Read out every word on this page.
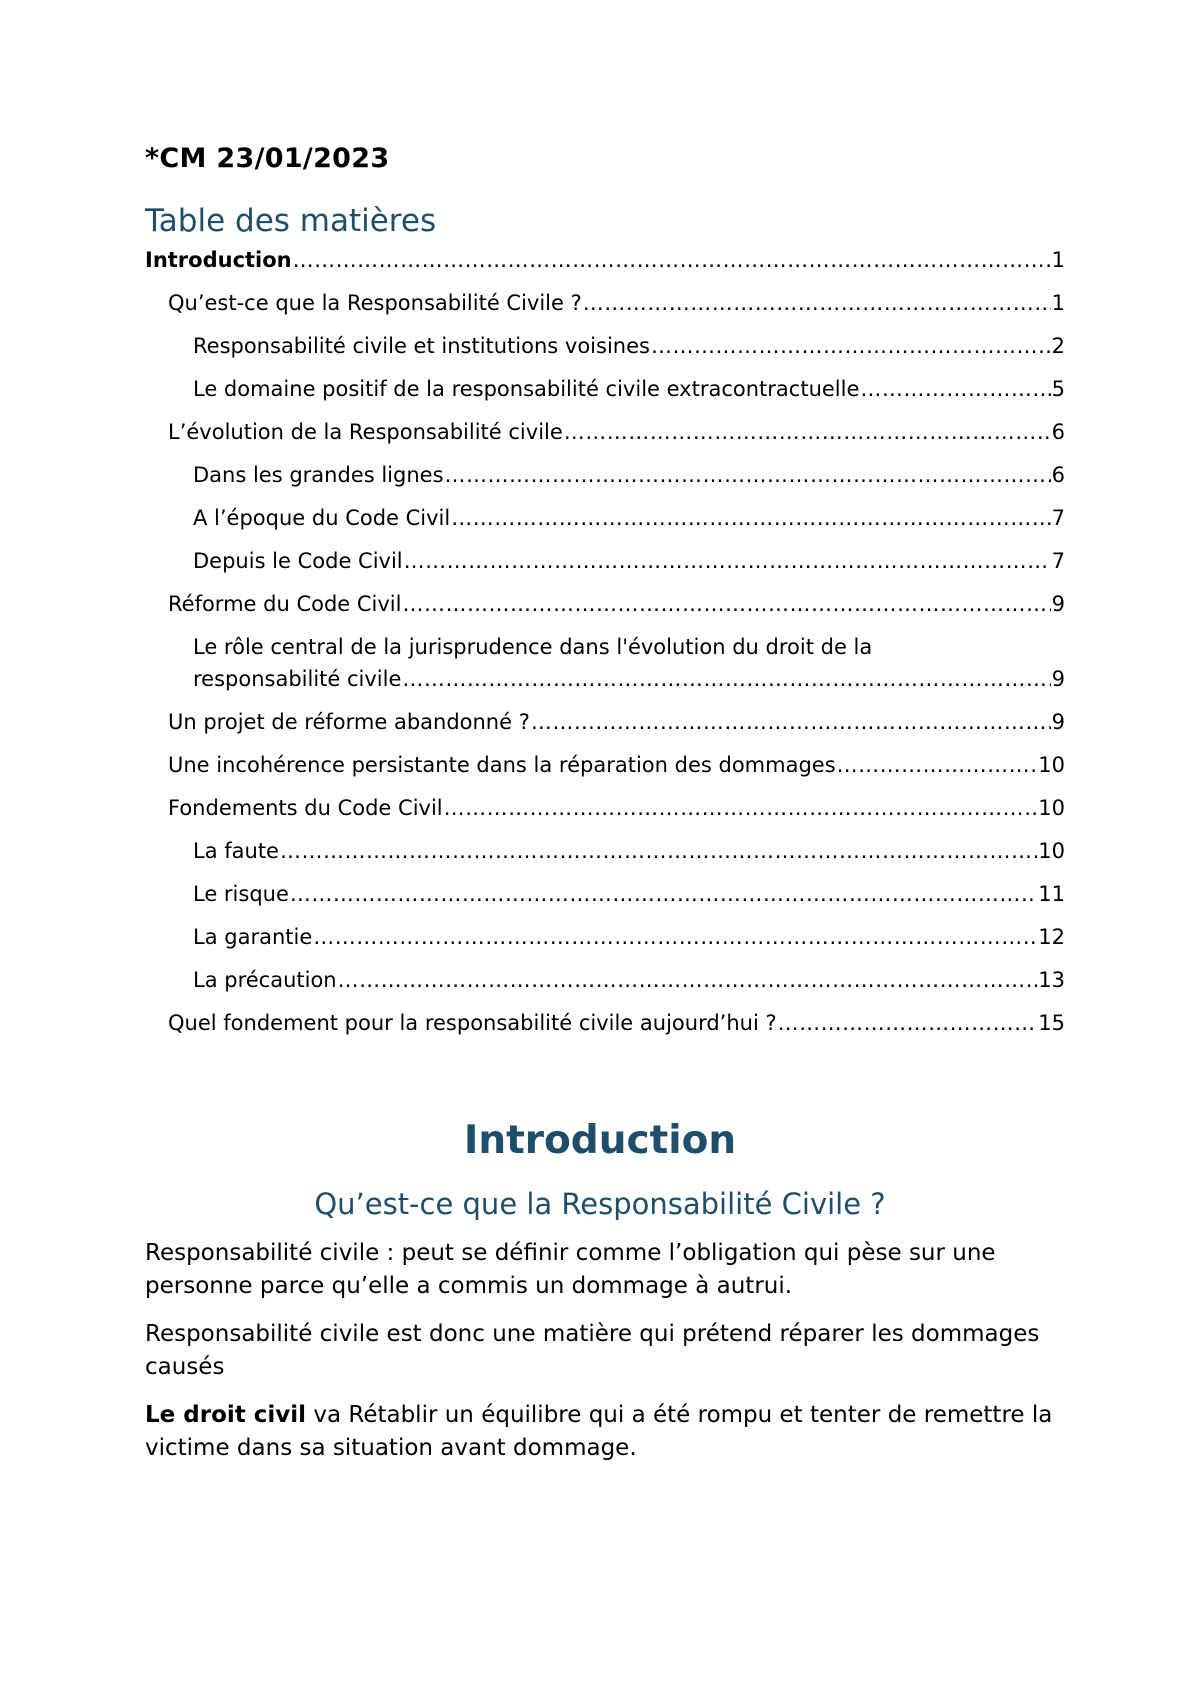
*CM 23/01/2023
Table des matières
Introduction ………………………………………………………………………………………………………………………………………………………………………………	1
Qu’est-ce que la Responsabilité Civile ? ………………………………………………………………………………………………………………………………………………………………………………	1
Responsabilité civile et institutions voisines ………………………………………………………………………………………………………………………………………………………………………………	2
Le domaine positif de la responsabilité civile extracontractuelle ………………………………………………………………………………………………………………………………………………………………………………	5
L’évolution de la Responsabilité civile ………………………………………………………………………………………………………………………………………………………………………………	6
Dans les grandes lignes ………………………………………………………………………………………………………………………………………………………………………………	6
A l’époque du Code Civil ………………………………………………………………………………………………………………………………………………………………………………	7
Depuis le Code Civil ………………………………………………………………………………………………………………………………………………………………………………	7
Réforme du Code Civil ………………………………………………………………………………………………………………………………………………………………………………	9
Le rôle central de la jurisprudence dans l'évolution du droit de la
responsabilité civile ………………………………………………………………………………………………………………………………………………………………………………	9
Un projet de réforme abandonné ? ………………………………………………………………………………………………………………………………………………………………………………	9
Une incohérence persistante dans la réparation des dommages ………………………………………………………………………………………………………………………………………………………………………………	10
Fondements du Code Civil ………………………………………………………………………………………………………………………………………………………………………………	10
La faute ………………………………………………………………………………………………………………………………………………………………………………	10
Le risque ………………………………………………………………………………………………………………………………………………………………………………	11
La garantie ………………………………………………………………………………………………………………………………………………………………………………	12
La précaution ………………………………………………………………………………………………………………………………………………………………………………	13
Quel fondement pour la responsabilité civile aujourd’hui ? ………………………………………………………………………………………………………………………………………………………………………………	15
Introduction
Qu’est-ce que la Responsabilité Civile ?

Responsabilité civile : peut se définir comme l’obligation qui pèse sur une personne parce qu’elle a commis un dommage à autrui.

Responsabilité civile est donc une matière qui prétend réparer les dommages causés

Le droit civil va Rétablir un équilibre qui a été rompu et tenter de remettre la victime dans sa situation avant dommage.
